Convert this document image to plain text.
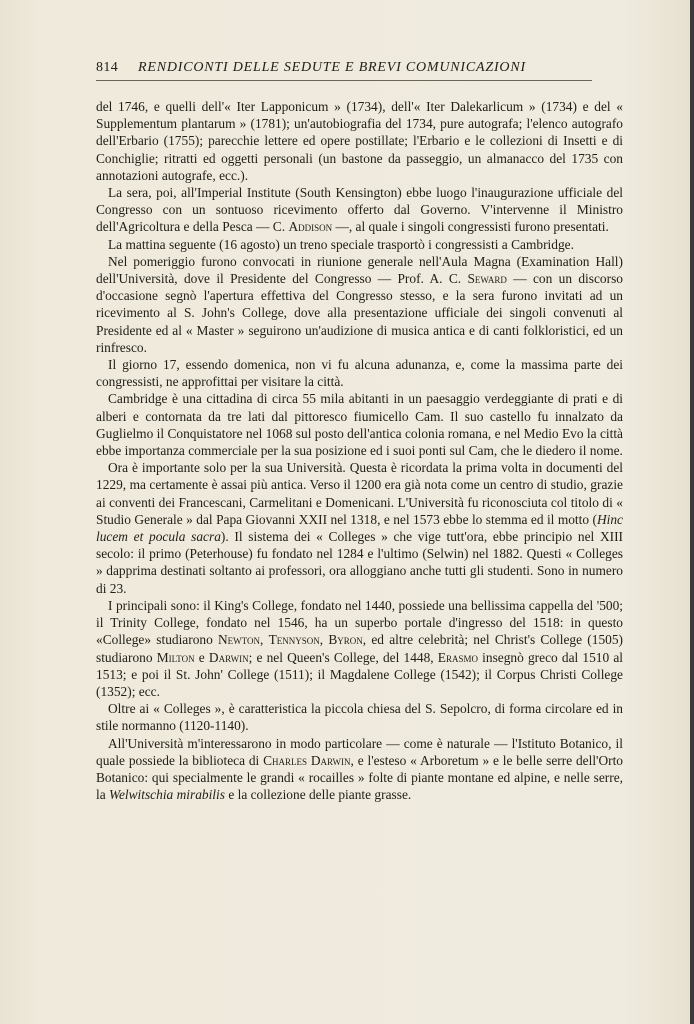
814 RENDICONTI DELLE SEDUTE E BREVI COMUNICAZIONI

del 1746, e quelli dell'« Iter Lapponicum » (1734), dell'« Iter Dalekarlicum » (1734) e del « Supplementum plantarum » (1781); un'autobiografia del 1734, pure autografa; l'elenco autografo dell'Erbario (1755); parecchie lettere ed opere postillate; l'Erbario e le collezioni di Insetti e di Conchiglie; ritratti ed oggetti personali (un bastone da passeggio, un almanacco del 1735 con annotazioni autografe, ecc.).

La sera, poi, all'Imperial Institute (South Kensington) ebbe luogo l'inaugurazione ufficiale del Congresso con un sontuoso ricevimento offerto dal Governo. V'intervenne il Ministro dell'Agricoltura e della Pesca — C. Addison —, al quale i singoli congressisti furono presentati.

La mattina seguente (16 agosto) un treno speciale trasportò i congressisti a Cambridge.

Nel pomeriggio furono convocati in riunione generale nell'Aula Magna (Examination Hall) dell'Università, dove il Presidente del Congresso — Prof. A. C. Seward — con un discorso d'occasione segnò l'apertura effettiva del Congresso stesso, e la sera furono invitati ad un ricevimento al S. John's College, dove alla presentazione ufficiale dei singoli convenuti al Presidente ed al « Master » seguirono un'audizione di musica antica e di canti folkloristici, ed un rinfresco.

Il giorno 17, essendo domenica, non vi fu alcuna adunanza, e, come la massima parte dei congressisti, ne approfittai per visitare la città.

Cambridge è una cittadina di circa 55 mila abitanti in un paesaggio verdeggiante di prati e di alberi e contornata da tre lati dal pittoresco fiumicello Cam. Il suo castello fu innalzato da Guglielmo il Conquistatore nel 1068 sul posto dell'antica colonia romana, e nel Medio Evo la città ebbe importanza commerciale per la sua posizione ed i suoi ponti sul Cam, che le diedero il nome.

Ora è importante solo per la sua Università. Questa è ricordata la prima volta in documenti del 1229, ma certamente è assai più antica. Verso il 1200 era già nota come un centro di studio, grazie ai conventi dei Francescani, Carmelitani e Domenicani. L'Università fu riconosciuta col titolo di « Studio Generale » dal Papa Giovanni XXII nel 1318, e nel 1573 ebbe lo stemma ed il motto (Hinc lucem et pocula sacra). Il sistema dei « Colleges » che vige tutt'ora, ebbe principio nel XIII secolo: il primo (Peterhouse) fu fondato nel 1284 e l'ultimo (Selwin) nel 1882. Questi « Colleges » dapprima destinati soltanto ai professori, ora alloggiano anche tutti gli studenti. Sono in numero di 23.

I principali sono: il King's College, fondato nel 1440, possiede una bellissima cappella del '500; il Trinity College, fondato nel 1546, ha un superbo portale d'ingresso del 1518: in questo «College» studiarono Newton, Tennyson, Byron, ed altre celebrità; nel Christ's College (1505) studiarono Milton e Darwin; e nel Queen's College, del 1448, Erasmo insegnò greco dal 1510 al 1513; e poi il St. John' College (1511); il Magdalene College (1542); il Corpus Christi College (1352); ecc.

Oltre ai « Colleges », è caratteristica la piccola chiesa del S. Sepolcro, di forma circolare ed in stile normanno (1120-1140).

All'Università m'interessarono in modo particolare — come è naturale — l'Istituto Botanico, il quale possiede la biblioteca di Charles Darwin, e l'esteso « Arboretum » e le belle serre dell'Orto Botanico: qui specialmente le grandi « rocailles » folte di piante montane ed alpine, e nelle serre, la Welwitschia mirabilis e la collezione delle piante grasse.
